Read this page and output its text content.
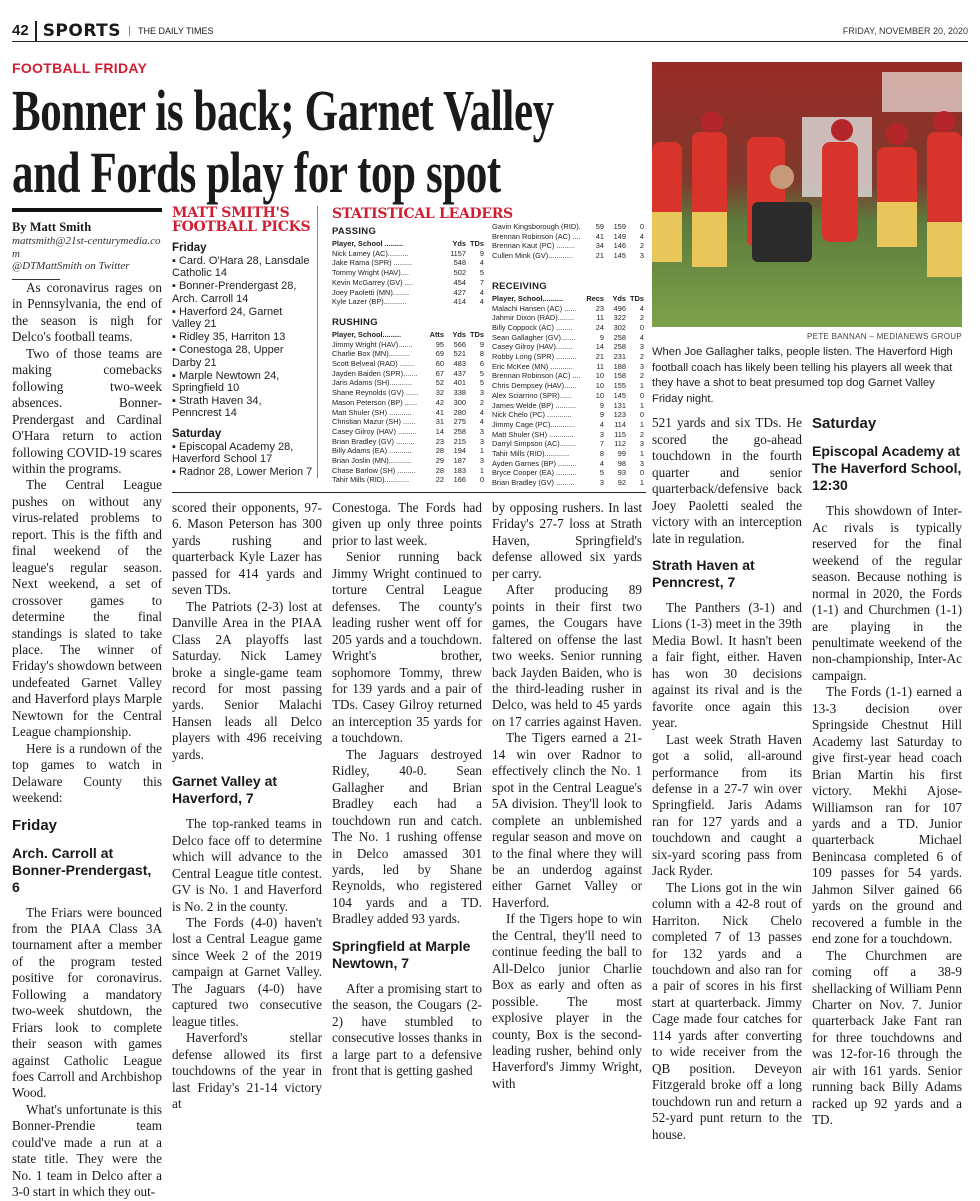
42 SPORTS	THE DAILY TIMES	FRIDAY, NOVEMBER 20, 2020
FOOTBALL FRIDAY
Bonner is back; Garnet Valley
and Fords play for top spot
PETE BANNAN – MEDIANEWS GROUP
When Joe Gallagher talks, people listen. The Haverford High football coach has likely been telling his players all week that they have a shot to beat presumed top dog Garnet Valley Friday night.

521 yards and six TDs. He scored the go-ahead touchdown in the fourth quarter and senior quarterback/defensive back Joey Paoletti sealed the victory with an interception late in regulation.

Strath Haven at Penncrest, 7

The Panthers (3-1) and Lions (1-3) meet in the 39th Media Bowl. It hasn't been a fair fight, either. Haven has won 30 decisions against its rival and is the favorite once again this year.

Last week Strath Haven got a solid, all-around performance from its defense in a 27-7 win over Springfield. Jaris Adams ran for 127 yards and a touchdown and caught a six-yard scoring pass from Jack Ryder.

The Lions got in the win column with a 42-8 rout of Harriton. Nick Chelo completed 7 of 13 passes for 132 yards and a touchdown and also ran for a pair of scores in his first start at quarterback. Jimmy Cage made four catches for 114 yards after converting to wide receiver from the QB position. Deveyon Fitzgerald broke off a long touchdown run and return a 52-yard punt return to the house.

Saturday
Episcopal Academy at The Haverford School, 12:30

This showdown of Inter-Ac rivals is typically reserved for the final weekend of the regular season. Because nothing is normal in 2020, the Fords (1-1) and Churchmen (1-1) are playing in the penultimate weekend of the non-championship, Inter-Ac campaign.

The Fords (1-1) earned a 13-3 decision over Springside Chestnut Hill Academy last Saturday to give first-year head coach Brian Martin his first victory. Mekhi Ajose-Williamson ran for 107 yards and a TD. Junior quarterback Michael Benincasa completed 6 of 109 passes for 54 yards. Jahmon Silver gained 66 yards on the ground and recovered a fumble in the end zone for a touchdown.

The Churchmen are coming off a 38-9 shellacking of William Penn Charter on Nov. 7. Junior quarterback Jake Fant ran for three touchdowns and was 12-for-16 through the air with 161 yards. Senior running back Billy Adams racked up 92 yards and a TD.

By Matt Smith
mattsmith@21st-centurymedia.com
@DTMattSmith on Twitter
MATT SMITH'S FOOTBALL PICKS
Friday
▪ Card. O'Hara 28, Lansdale Catholic 14
▪ Bonner-Prendergast 28, Arch. Carroll 14
▪ Haverford 24, Garnet Valley 21
▪ Ridley 35, Harriton 13
▪ Conestoga 28, Upper Darby 21
▪ Marple Newtown 24, Springfield 10
▪ Strath Haven 34, Penncrest 14
Saturday
▪ Episcopal Academy 28, Haverford School 17
▪ Radnor 28, Lower Merion 7
STATISTICAL LEADERS
PASSING
Player, School .........	Yds TDs
Nick Lamey (AC)..........	1157	9
Jake Rama (SPR) .........	548	4
Tommy Wright (HAV)....	502	5
Kevin McGarrey (GV) ....	454	7
Joey Paoletti (MN)........	427	4
Kyle Lazer (BP)...........	414	4
RUSHING
Player, School.........	Atts	Yds TDs
Jimmy Wright (HAV).......	95	566	9
Charlie Box (MN)..........	69	521	8
Scott Belveal (RAD) .......	60	483	6
Jayden Baiden (SPR).......	67	437	5
Jaris Adams (SH)...........	52	401	5
Shane Reynolds (GV) ......	32	338	3
Mason Peterson (BP) ......	42	300	2
Matt Shuler (SH) ...........	41	280	4
Christian Mazur (SH) ......	31	275	4
Casey Gilroy (HAV) .........	14	258	3
Brian Bradley (GV) .........	23	215	3
Billy Adams (EA) ...........	28	194	1
Brian Joslin (MN)...........	29	187	3
Chase Barlow (SH) .........	28	183	1
Tahir Mills (RID)............	22	166	0
Gavin Kingsborough (RID).	59	159	0
Brennan Robinson (AC) ....	41	149	4
Brennan Kaut (PC) .........	34	146	2
Cullen Mink (GV)............	21	145	3
RECEIVING
Player, School..........	Recs	Yds TDs
Malachi Hansen (AC) ......	23	496	4
Jahmir Dixon (RAD)........	11	322	2
Billy Coppock (AC) ........	24	302	0
Sean Gallagher (GV).......	9	258	4
Casey Gilroy (HAV)........	14	258	3
Robby Long (SPR) ..........	21	231	2
Eric McKee (MN) ...........	11	188	3
Brennan Robinson (AC) ....	10	158	2
Chris Dempsey (HAV)......	10	155	1
Alex Sciarrino (SPR)......	10	145	0
James Welde (BP) ..........	9	131	1
Nick Chelo (PC) ............	9	123	0
Jimmy Cage (PC)............	4	114	1
Matt Shuler (SH) ............	3	115	2
Darryl Simpson (AC)........	7	112	3
Tahir Mills (RID)............	8	99	1
Ayden Garnes (BP) .........	4	98	3
Bryce Cooper (EA) ..........	5	93	0
Brian Bradley (GV) .........	3	92	1

As coronavirus rages on in Pennsylvania, the end of the season is nigh for Delco's football teams.

Two of those teams are making comebacks following two-week absences. Bonner-Prendergast and Cardinal O'Hara return to action following COVID-19 scares within the programs.

The Central League pushes on without any virus-related problems to report. This is the fifth and final weekend of the league's regular season. Next weekend, a set of crossover games to determine the final standings is slated to take place. The winner of Friday's showdown between undefeated Garnet Valley and Haverford plays Marple Newtown for the Central League championship.

Here is a rundown of the top games to watch in Delaware County this weekend:

Friday
Arch. Carroll at Bonner-Prendergast, 6

The Friars were bounced from the PIAA Class 3A tournament after a member of the program tested positive for coronavirus. Following a mandatory two-week shutdown, the Friars look to complete their season with games against Catholic League foes Carroll and Archbishop Wood.

What's unfortunate is this Bonner-Prendie team could've made a run at a state title. They were the No. 1 team in Delco after a 3-0 start in which they out-

scored their opponents, 97-6. Mason Peterson has 300 yards rushing and quarterback Kyle Lazer has passed for 414 yards and seven TDs.

The Patriots (2-3) lost at Danville Area in the PIAA Class 2A playoffs last Saturday. Nick Lamey broke a single-game team record for most passing yards. Senior Malachi Hansen leads all Delco players with 496 receiving yards.

Garnet Valley at Haverford, 7

The top-ranked teams in Delco face off to determine which will advance to the Central League title contest. GV is No. 1 and Haverford is No. 2 in the county.

The Fords (4-0) haven't lost a Central League game since Week 2 of the 2019 campaign at Garnet Valley. The Jaguars (4-0) have captured two consecutive league titles.

Haverford's stellar defense allowed its first touchdowns of the year in last Friday's 21-14 victory at

Conestoga. The Fords had given up only three points prior to last week.

Senior running back Jimmy Wright continued to torture Central League defenses. The county's leading rusher went off for 205 yards and a touchdown. Wright's brother, sophomore Tommy, threw for 139 yards and a pair of TDs. Casey Gilroy returned an interception 35 yards for a touchdown.

The Jaguars destroyed Ridley, 40-0. Sean Gallagher and Brian Bradley each had a touchdown run and catch. The No. 1 rushing offense in Delco amassed 301 yards, led by Shane Reynolds, who registered 104 yards and a TD. Bradley added 93 yards.

Springfield at Marple Newtown, 7

After a promising start to the season, the Cougars (2-2) have stumbled to consecutive losses thanks in a large part to a defensive front that is getting gashed

by opposing rushers. In last Friday's 27-7 loss at Strath Haven, Springfield's defense allowed six yards per carry.

After producing 89 points in their first two games, the Cougars have faltered on offense the last two weeks. Senior running back Jayden Baiden, who is the third-leading rusher in Delco, was held to 45 yards on 17 carries against Haven.

The Tigers earned a 21-14 win over Radnor to effectively clinch the No. 1 spot in the Central League's 5A division. They'll look to complete an unblemished regular season and move on to the final where they will be an underdog against either Garnet Valley or Haverford.

If the Tigers hope to win the Central, they'll need to continue feeding the ball to All-Delco junior Charlie Box as early and often as possible. The most explosive player in the county, Box is the second-leading rusher, behind only Haverford's Jimmy Wright, with
